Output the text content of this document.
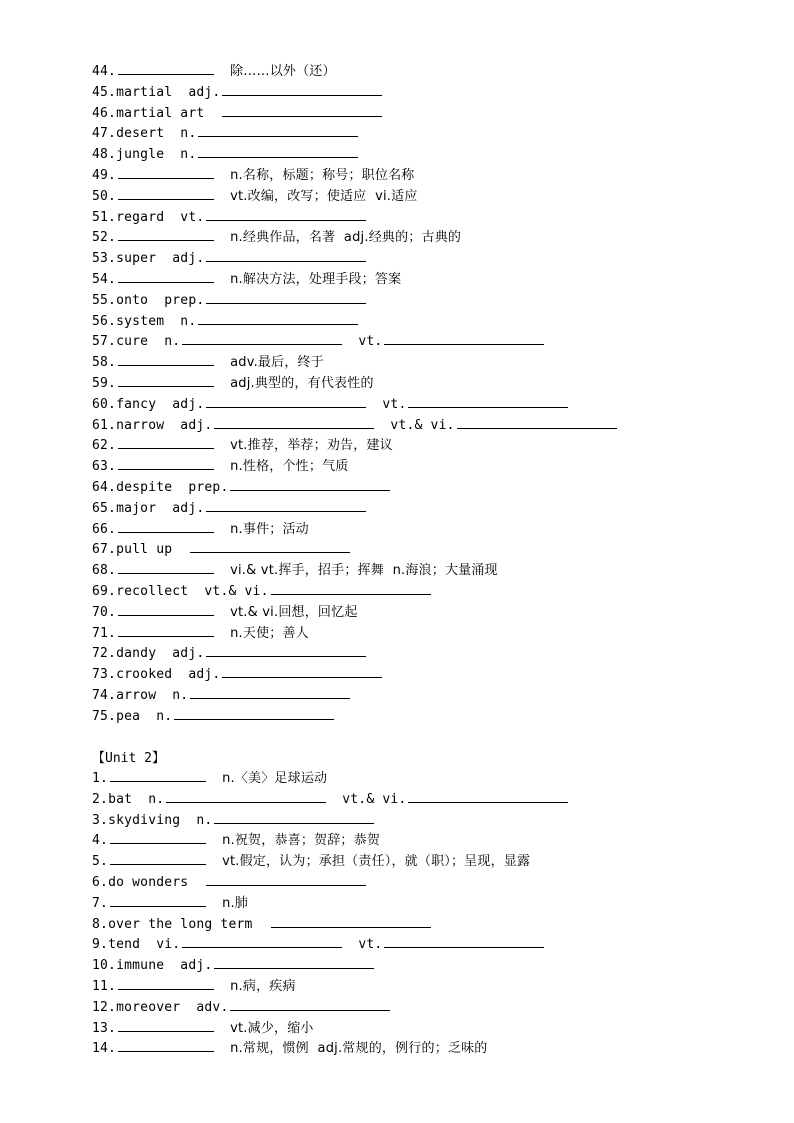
44.	除……以外（还）
45.martial  adj.
46.martial art
47.desert  n.
48.jungle  n.
49.	n.名称，标题；称号；职位名称
50.	vt.改编，改写；使适应  vi.适应
51.regard  vt.
52.	n.经典作品，名著  adj.经典的；古典的
53.super  adj.
54.	n.解决方法，处理手段；答案
55.onto  prep.
56.system  n.
57.cure  n.	vt.
58.	adv.最后，终于
59.	adj.典型的，有代表性的
60.fancy  adj.	vt.
61.narrow  adj.	vt.& vi.
62.	vt.推荐，举荐；劝告，建议
63.	n.性格，个性；气质
64.despite  prep.
65.major  adj.
66.	n.事件；活动
67.pull up
68.	vi.& vt.挥手，招手；挥舞  n.海浪；大量涌现
69.recollect  vt.& vi.
70.	vt.& vi.回想，回忆起
71.	n.天使；善人
72.dandy  adj.
73.crooked  adj.
74.arrow  n.
75.pea  n.
【Unit 2】
1.	n.〈美〉足球运动
2.bat  n.	vt.& vi.
3.skydiving  n.
4.	n.祝贺，恭喜；贺辞；恭贺
5.	vt.假定，认为；承担（责任），就（职）；呈现，显露
6.do wonders
7.	n.肺
8.over the long term
9.tend  vi.	vt.
10.immune  adj.
11.	n.病，疾病
12.moreover  adv.
13.	vt.减少，缩小
14.	n.常规，惯例  adj.常规的，例行的；乏味的
